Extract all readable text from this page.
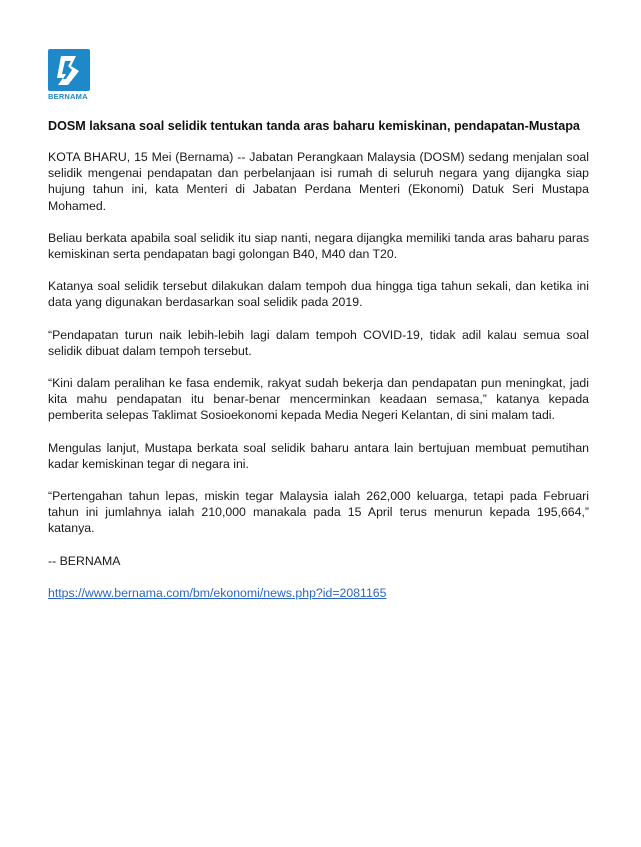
BERNAMA
DOSM laksana soal selidik tentukan tanda aras baharu kemiskinan, pendapatan-Mustapa

KOTA BHARU, 15 Mei (Bernama) -- Jabatan Perangkaan Malaysia (DOSM) sedang menjalan soal selidik mengenai pendapatan dan perbelanjaan isi rumah di seluruh negara yang dijangka siap hujung tahun ini, kata Menteri di Jabatan Perdana Menteri (Ekonomi) Datuk Seri Mustapa Mohamed.

Beliau berkata apabila soal selidik itu siap nanti, negara dijangka memiliki tanda aras baharu paras kemiskinan serta pendapatan bagi golongan B40, M40 dan T20.

Katanya soal selidik tersebut dilakukan dalam tempoh dua hingga tiga tahun sekali, dan ketika ini data yang digunakan berdasarkan soal selidik pada 2019.

“Pendapatan turun naik lebih-lebih lagi dalam tempoh COVID-19, tidak adil kalau semua soal selidik dibuat dalam tempoh tersebut.

“Kini dalam peralihan ke fasa endemik, rakyat sudah bekerja dan pendapatan pun meningkat, jadi kita mahu pendapatan itu benar-benar mencerminkan keadaan semasa,” katanya kepada pemberita selepas Taklimat Sosioekonomi kepada Media Negeri Kelantan, di sini malam tadi.

Mengulas lanjut, Mustapa berkata soal selidik baharu antara lain bertujuan membuat pemutihan kadar kemiskinan tegar di negara ini.

“Pertengahan tahun lepas, miskin tegar Malaysia ialah 262,000 keluarga, tetapi pada Februari tahun ini jumlahnya ialah 210,000 manakala pada 15 April terus menurun kepada 195,664,” katanya.

-- BERNAMA

https://www.bernama.com/bm/ekonomi/news.php?id=2081165
